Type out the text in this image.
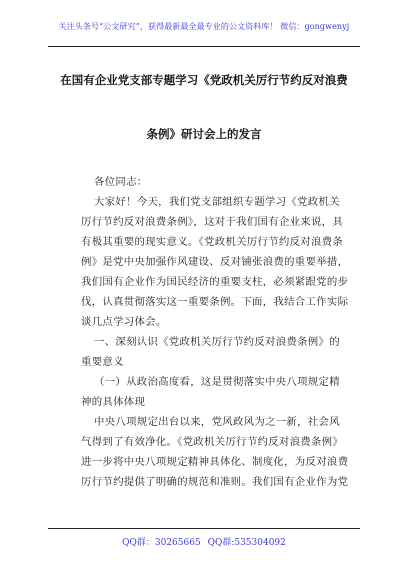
关注头条号“公文研究”，获得最新最全最专业的公文资料库！ 微信：gongwenyj
在国有企业党支部专题学习《党政机关厉行节约反对浪费
条例》研讨会上的发言
各位同志：
大家好！今天，我们党支部组织专题学习《党政机关
厉行节约反对浪费条例》，这对于我们国有企业来说，具
有极其重要的现实意义。《党政机关厉行节约反对浪费条
例》是党中央加强作风建设、反对铺张浪费的重要举措，
我们国有企业作为国民经济的重要支柱，必须紧跟党的步
伐，认真贯彻落实这一重要条例。下面，我结合工作实际
谈几点学习体会。
一、深刻认识《党政机关厉行节约反对浪费条例》的
重要意义
（一）从政治高度看，这是贯彻落实中央八项规定精
神的具体体现
中央八项规定出台以来，党风政风为之一新，社会风
气得到了有效净化。《党政机关厉行节约反对浪费条例》
进一步将中央八项规定精神具体化、制度化，为反对浪费
厉行节约提供了明确的规范和准则。我们国有企业作为党
QQ群：30265665 QQ群:535304092
